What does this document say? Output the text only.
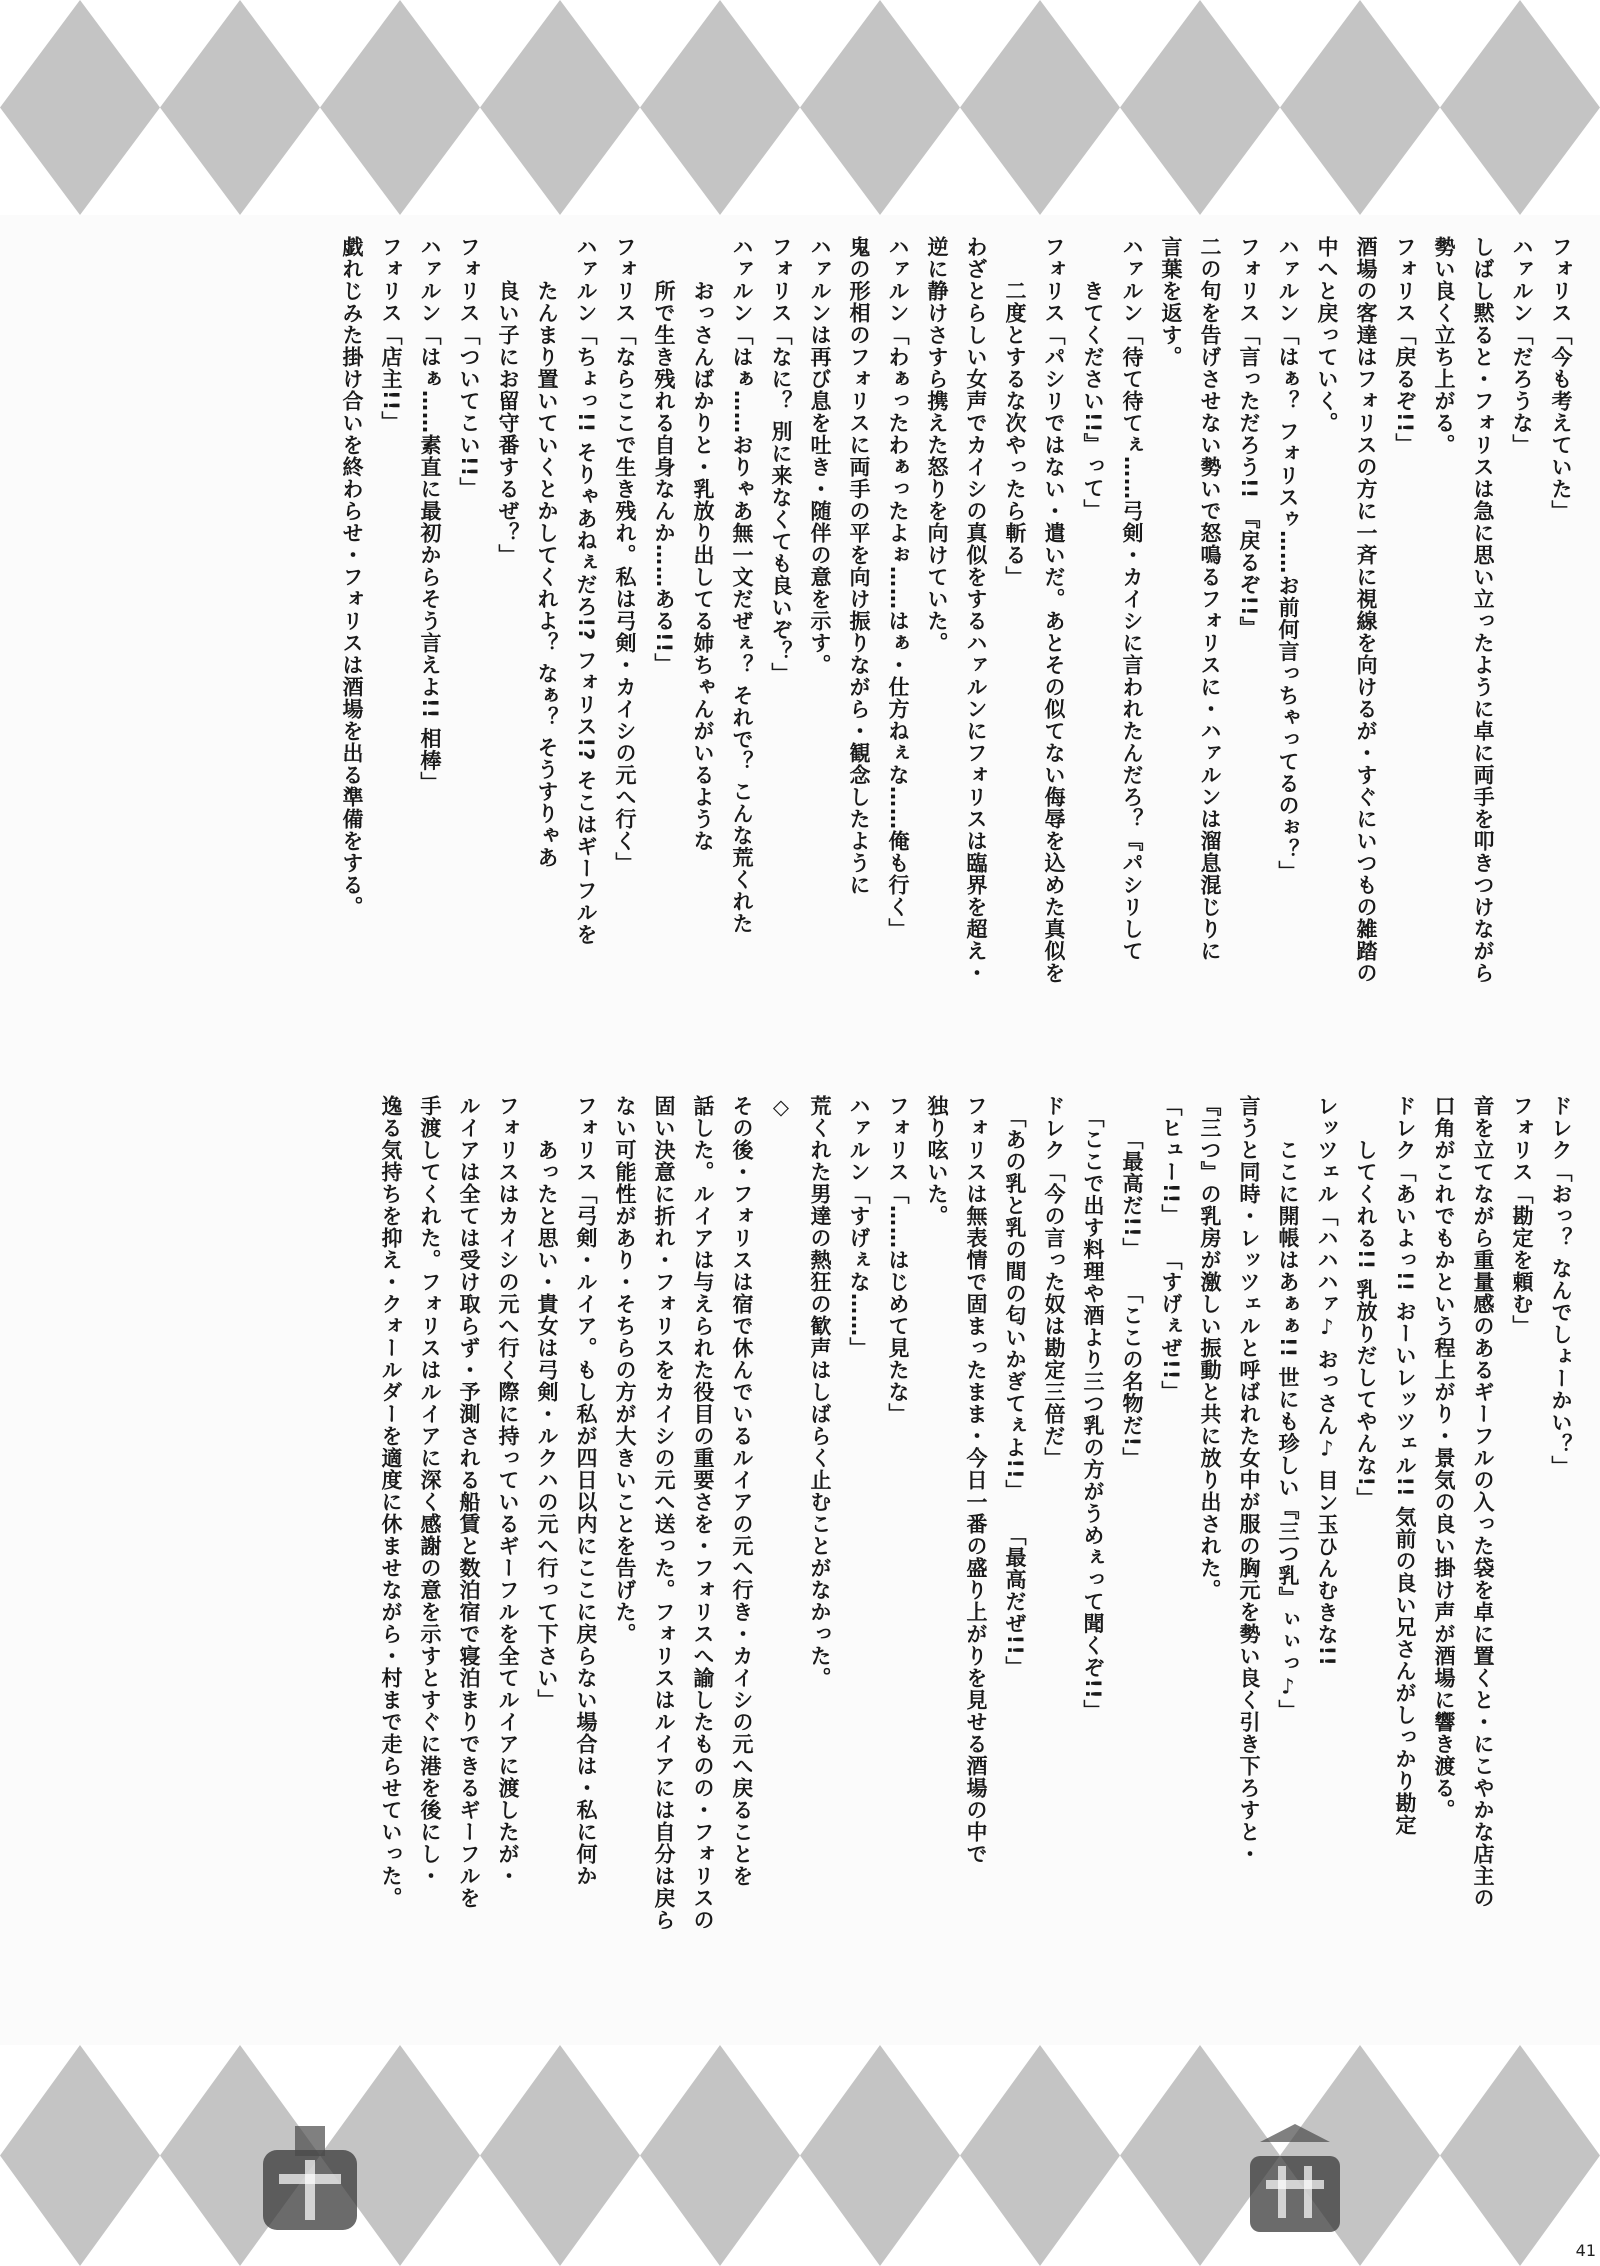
フォリス「今も考えていた」
ハァルン「だろうな」
しばし黙ると・フォリスは急に思い立ったように卓に両手を叩きつけながら
勢い良く立ち上がる。
フォリス「戻るぞ!!」
酒場の客達はフォリスの方に一斉に視線を向けるが・すぐにいつもの雑踏の
中へと戻っていく。
ハァルン「はぁ？ フォリスゥ……お前何言っちゃってるのぉ？」
フォリス「言っただろう!! 『戻るぞ!!』
二の句を告げさせない勢いで怒鳴るフォリスに・ハァルンは溜息混じりに
言葉を返す。
ハァルン「待て待てぇ……弓剣・カイシに言われたんだろ？『パシリして
　　きてください!!』って」
フォリス「パシリではない・遣いだ。あとその似てない侮辱を込めた真似を
　　二度とするな次やったら斬る」
わざとらしい女声でカイシの真似をするハァルンにフォリスは臨界を超え・
逆に静けさすら携えた怒りを向けていた。
ハァルン「わぁったわぁったよぉ……はぁ・仕方ねぇな……俺も行く」
鬼の形相のフォリスに両手の平を向け振りながら・観念したように
ハァルンは再び息を吐き・随伴の意を示す。
フォリス「なに？ 別に来なくても良いぞ？」
ハァルン「はぁ……おりゃあ無一文だぜぇ？ それで？ こんな荒くれた
　　おっさんばかりと・乳放り出してる姉ちゃんがいるような
　　所で生き残れる自身なんか……ある!!」
フォリス「ならここで生き残れ。私は弓剣・カイシの元へ行く」
ハァルン「ちょっ!! そりゃあねぇだろ!? フォリス!? そこはギーフルを
　　たんまり置いていくとかしてくれよ？ なぁ？ そうすりゃあ
　　良い子にお留守番するぜ？」
フォリス「ついてこい!!」
ハァルン「はぁ……素直に最初からそう言えよ!! 相棒」
フォリス「店主!!」
戯れじみた掛け合いを終わらせ・フォリスは酒場を出る準備をする。
ドレク「おっ？ なんでしょーかい？」
フォリス「勘定を頼む」
音を立てながら重量感のあるギーフルの入った袋を卓に置くと・にこやかな店主の
口角がこれでもかという程上がり・景気の良い掛け声が酒場に響き渡る。
ドレク「あいよっ!! おーいレッツェル!! 気前の良い兄さんがしっかり勘定
　　してくれる!! 乳放りだしてやんな!」
レッツェル「ハハハァ♪ おっさん♪ 目ン玉ひんむきな!!
　　ここに開帳はあぁぁ!! 世にも珍しい『三つ乳』ぃぃっ♪」
言うと同時・レッツェルと呼ばれた女中が服の胸元を勢い良く引き下ろすと・
『三つ』の乳房が激しい振動と共に放り出された。
「ヒュー!!」　　「すげぇぜ!!」
　　「最高だ!!」　　「ここの名物だ!」
　「ここで出す料理や酒より三つ乳の方がうめぇって聞くぞ!!」
ドレク「今の言った奴は勘定三倍だ」
　「あの乳と乳の間の匂いかぎてぇよ!!」　　「最高だぜ!!」
フォリスは無表情で固まったまま・今日一番の盛り上がりを見せる酒場の中で
独り呟いた。
フォリス「……はじめて見たな」
ハァルン「すげぇな……」
荒くれた男達の熱狂の歓声はしばらく止むことがなかった。
◇
その後・フォリスは宿で休んでいるルイアの元へ行き・カイシの元へ戻ることを
話した。ルイアは与えられた役目の重要さを・フォリスへ諭したものの・フォリスの
固い決意に折れ・フォリスをカイシの元へ送った。フォリスはルイアには自分は戻ら
ない可能性があり・そちらの方が大きいことを告げた。
フォリス「弓剣・ルイア。もし私が四日以内にここに戻らない場合は・私に何か
　　あったと思い・貴女は弓剣・ルクハの元へ行って下さい」
フォリスはカイシの元へ行く際に持っているギーフルを全てルイアに渡したが・
ルイアは全ては受け取らず・予測される船賃と数泊宿で寝泊まりできるギーフルを
手渡してくれた。フォリスはルイアに深く感謝の意を示すとすぐに港を後にし・
逸る気持ちを抑え・クォールダーを適度に休ませながら・村まで走らせていった。
41
